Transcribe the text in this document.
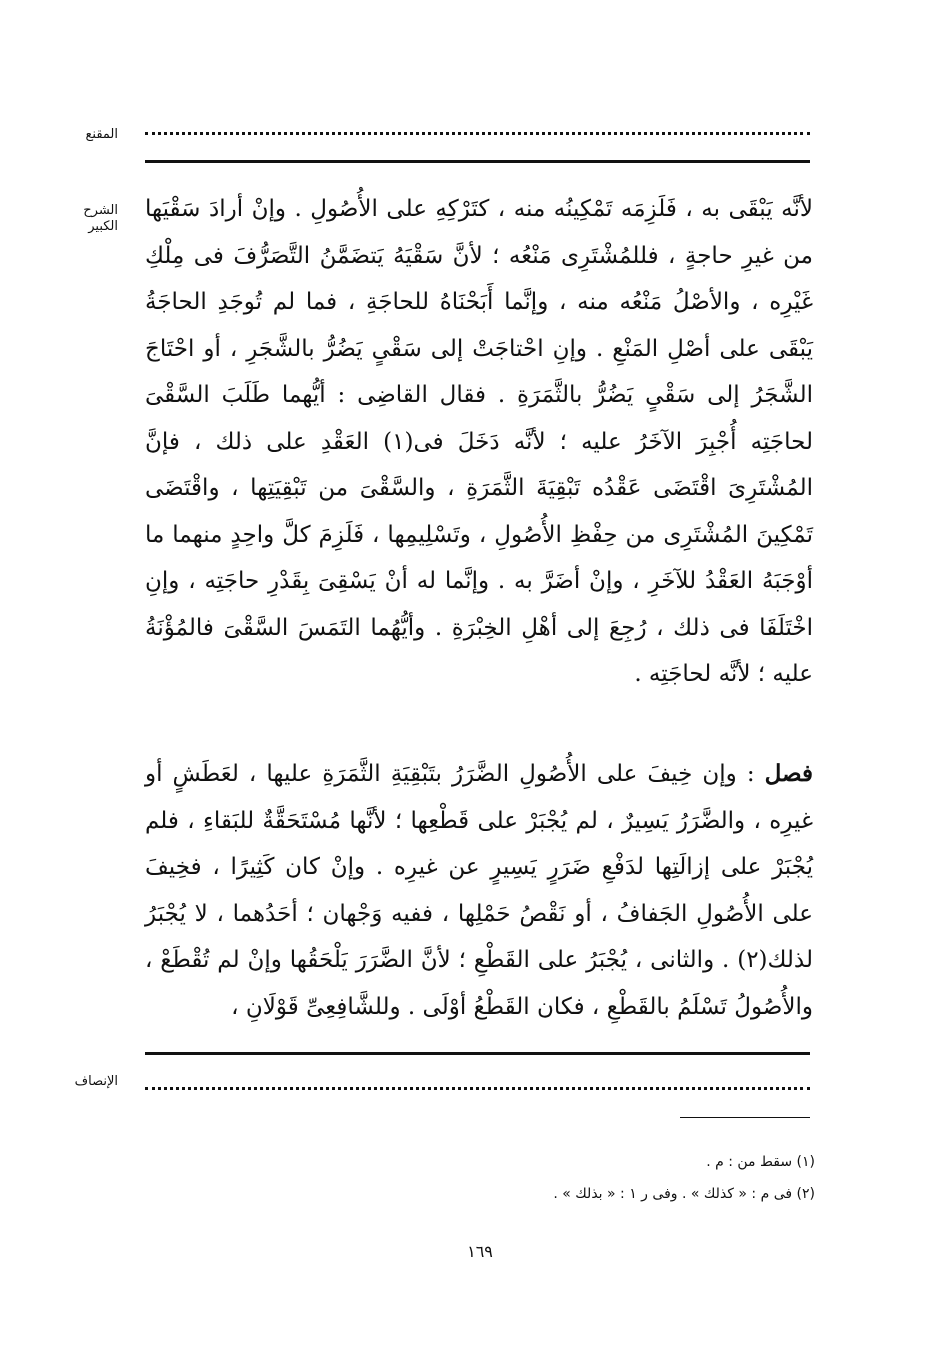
المقنع
الشرح الكبير
لأنَّه يَبْقَى به ، فَلَزِمَه تَمْكِينُه منه ، كتَرْكِهِ على الأُصُولِ . وإنْ أرادَ سَقْيَها من غيرِ حاجةٍ ، فللمُشْتَرِى مَنْعُه ؛ لأنَّ سَقْيَهُ يَتضَمَّنُ التَّصَرُّفَ فى مِلْكِ غَيْرِه ، والأصْلُ مَنْعُه منه ، وإنَّما أَبَحْنَاهُ للحاجَةِ ، فما لم تُوجَدِ الحاجَةُ يَبْقَى على أصْلِ المَنْعِ . وإنِ احْتاجَتْ إلى سَقْىٍ يَضُرُّ بالشَّجَرِ ، أو احْتَاجَ الشَّجَرُ إلى سَقْىٍ يَضُرُّ بالثَّمَرَةِ . فقال القاضِى : أيُّهما طَلَبَ السَّقْىَ لحاجَتِه أُجْبِرَ الآخَرُ عليه ؛ لأنَّه دَخَلَ فى(١) العَقْدِ على ذلك ، فإنَّ المُشْتَرِىَ اقْتَضَى عَقْدُه تَبْقِيَةَ الثَّمَرَةِ ، والسَّقْىَ من تَبْقِيَتِها ، واقْتَضَى تَمْكِينَ المُشْتَرِى من حِفْظِ الأُصُولِ ، وتَسْلِيمِها ، فَلَزِمَ كلَّ واحِدٍ منهما ما أوْجَبَهُ العَقْدُ للآخَرِ ، وإنْ أضَرَّ به . وإنَّما له أنْ يَسْقِىَ بِقَدْرِ حاجَتِه ، وإنِ اخْتَلَفَا فى ذلك ، رُجِعَ إلى أهْلِ الخِبْرَةِ . وأيُّهُما التَمَسَ السَّقْىَ فالمُؤْنَةُ عليه ؛ لأنَّه لحاجَتِه .
فصل : وإن خِيفَ على الأُصُولِ الضَّرَرُ بتَبْقِيَةِ الثَّمَرَةِ عليها ، لعَطَشٍ أو غيرِه ، والضَّرَرُ يَسِيرٌ ، لم يُجْبَرْ على قَطْعِها ؛ لأنَّها مُسْتَحَقَّةٌ للبَقاءِ ، فلم يُجْبَرْ على إزالَتِها لدَفْعِ ضَرَرٍ يَسِيرٍ عن غيرِه . وإنْ كان كَثِيرًا ، فخِيفَ على الأُصُولِ الجَفافُ ، أو نَقْصُ حَمْلِها ، ففيه وَجْهان ؛ أحَدُهما ، لا يُجْبَرُ لذلك(٢) . والثانى ، يُجْبَرُ على القَطْعِ ؛ لأنَّ الضَّرَرَ يَلْحَقُها وإنْ لم تُقْطَعْ ، والأُصُولُ تَسْلَمُ بالقَطْعِ ، فكان القَطْعُ أوْلَى . وللشَّافِعِىِّ قَوْلَانِ ،
الإنصاف
(١) سقط من : م .
(٢) فى م : « كذلك » . وفى ر ١ : « بذلك » .
١٦٩
